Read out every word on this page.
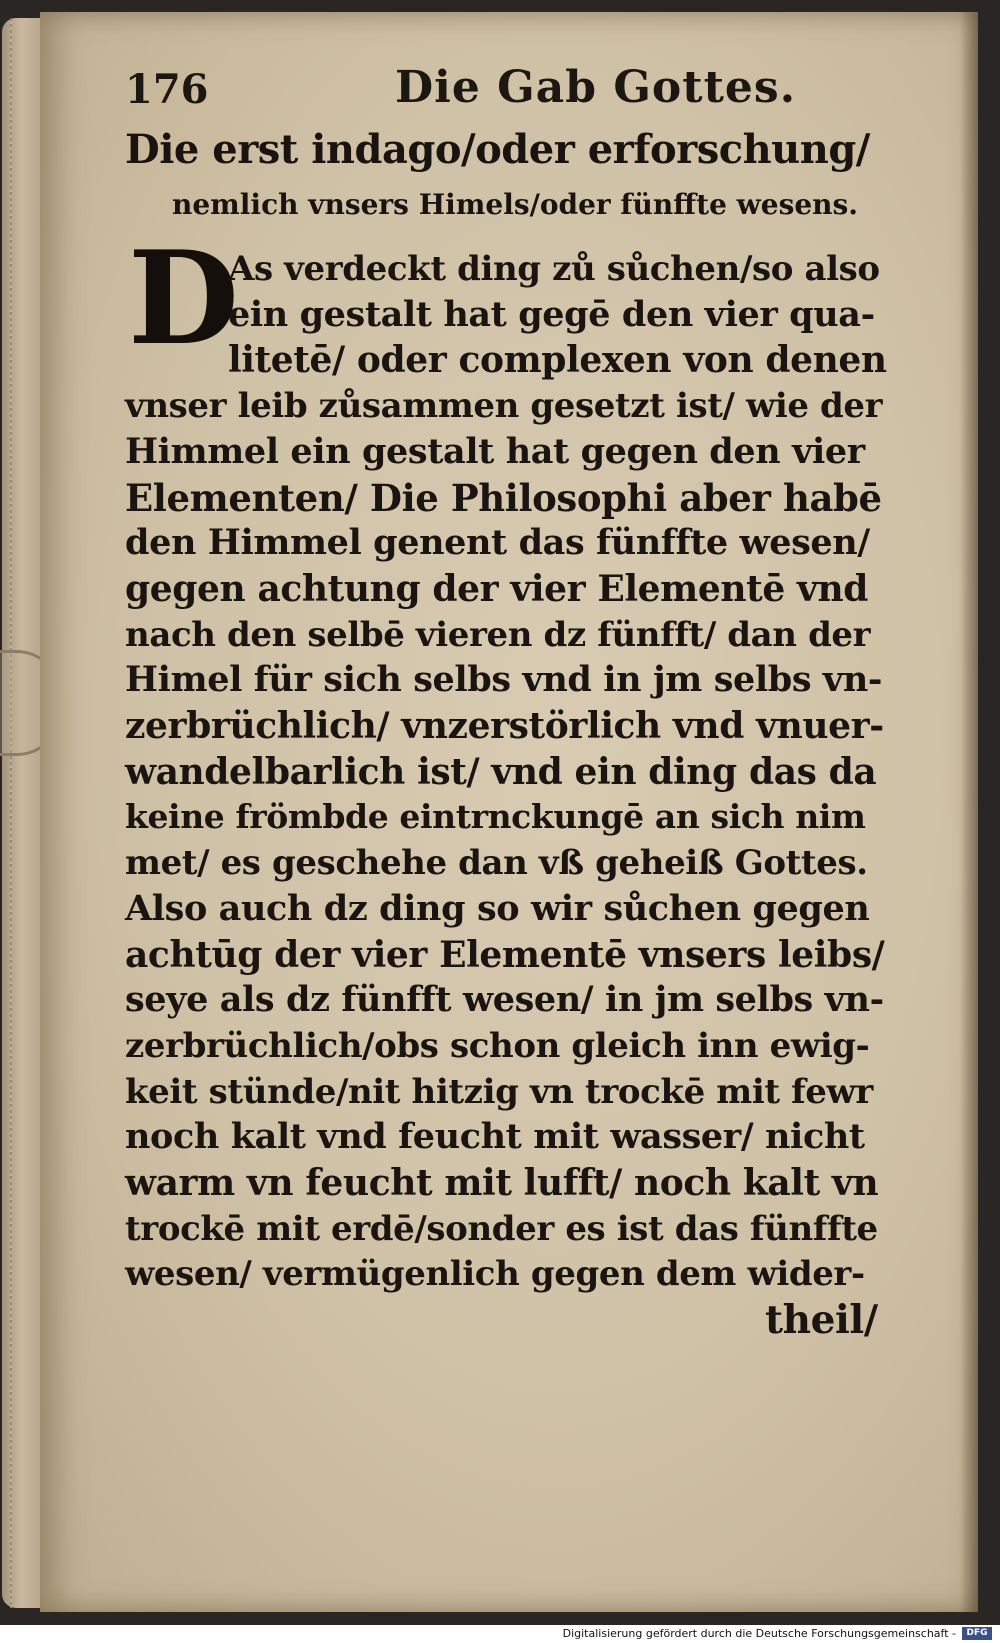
176	Die Gab Gottes.
Die erst indago/oder erforschung/
nemlich vnsers Himels/oder fünffte wesens.
D
As verdeckt ding zů sůchen/so also
ein gestalt hat gegē den vier qua-
litetē/ oder complexen von denen
vnser leib zůsammen gesetzt ist/ wie der
Himmel ein gestalt hat gegen den vier
Elementen/ Die Philosophi aber habē
den Himmel genent das fünffte wesen/
gegen achtung der vier Elementē vnd
nach den selbē vieren dz fünfft/ dan der
Himel für sich selbs vnd in jm selbs vn-
zerbrüchlich/ vnzerstörlich vnd vnuer-
wandelbarlich ist/ vnd ein ding das da
keine frömbde eintrnckungē an sich nim
met/ es geschehe dan vß geheiß Gottes.
Also auch dz ding so wir sůchen gegen
achtūg der vier Elementē vnsers leibs/
seye als dz fünfft wesen/ in jm selbs vn-
zerbrüchlich/obs schon gleich inn ewig-
keit stünde/nit hitzig vn trockē mit fewr
noch kalt vnd feucht mit wasser/ nicht
warm vn feucht mit lufft/ noch kalt vn
trockē mit erdē/sonder es ist das fünffte
wesen/ vermügenlich gegen dem wider-
theil/
Digitalisierung gefördert durch die Deutsche Forschungsgemeinschaft -	DFG
